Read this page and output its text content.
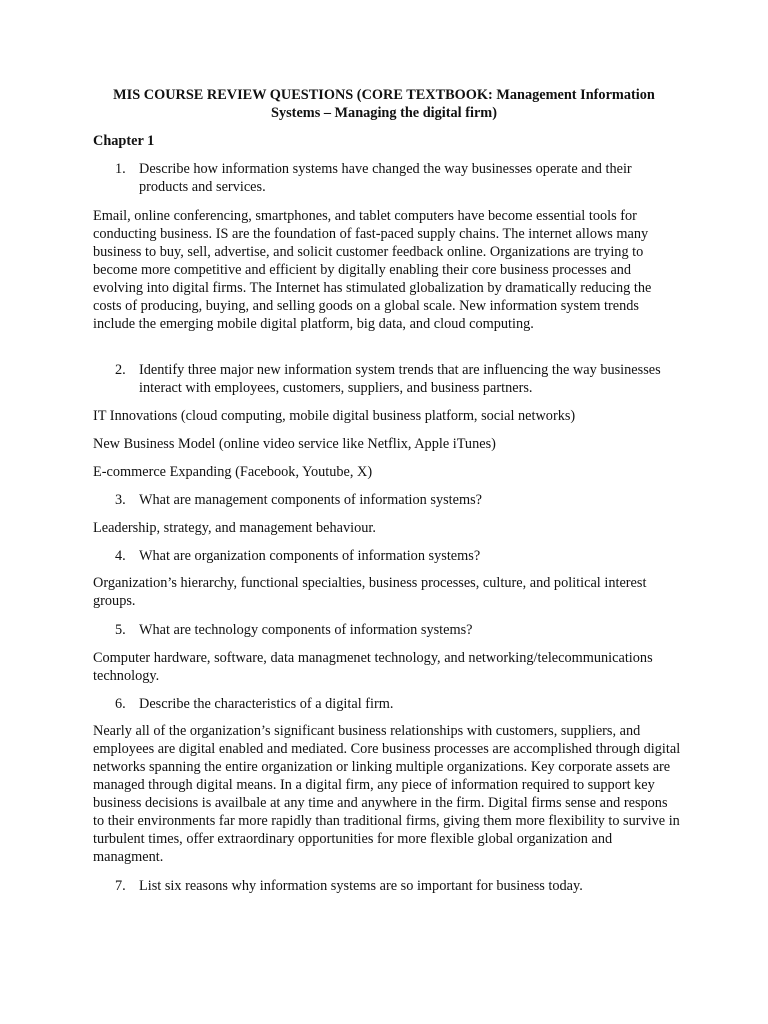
MIS COURSE REVIEW QUESTIONS (CORE TEXTBOOK: Management Information Systems – Managing the digital firm)
Chapter 1
1. Describe how information systems have changed the way businesses operate and their products and services.
Email, online conferencing, smartphones, and tablet computers have become essential tools for conducting business. IS are the foundation of fast-paced supply chains. The internet allows many business to buy, sell, advertise, and solicit customer feedback online. Organizations are trying to become more competitive and efficient by digitally enabling their core business processes and evolving into digital firms. The Internet has stimulated globalization by dramatically reducing the costs of producing, buying, and selling goods on a global scale. New information system trends include the emerging mobile digital platform, big data, and cloud computing.
2. Identify three major new information system trends that are influencing the way businesses interact with employees, customers, suppliers, and business partners.
IT Innovations (cloud computing, mobile digital business platform, social networks)
New Business Model (online video service like Netflix, Apple iTunes)
E-commerce Expanding (Facebook, Youtube, X)
3. What are management components of information systems?
Leadership, strategy, and management behaviour.
4. What are organization components of information systems?
Organization’s hierarchy, functional specialties, business processes, culture, and political interest groups.
5. What are technology components of information systems?
Computer hardware, software, data managmenet technology, and networking/telecommunications technology.
6. Describe the characteristics of a digital firm.
Nearly all of the organization’s significant business relationships with customers, suppliers, and employees are digital enabled and mediated. Core business processes are accomplished through digital networks spanning the entire organization or linking multiple organizations. Key corporate assets are managed through digital means. In a digital firm, any piece of information required to support key business decisions is availbale at any time and anywhere in the firm. Digital firms sense and respons to their environments far more rapidly than traditional firms, giving them more flexibility to survive in turbulent times, offer extraordinary opportunities for more flexible global organization and managment.
7. List six reasons why information systems are so important for business today.
